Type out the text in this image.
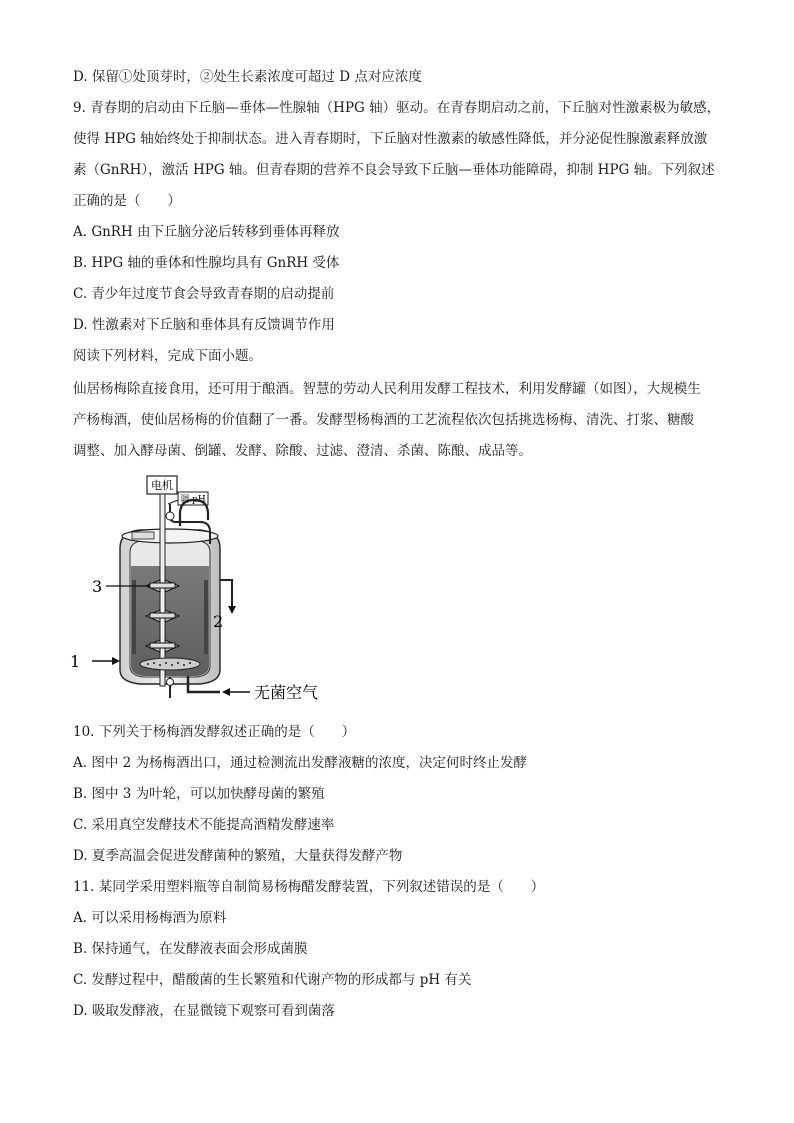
D. 保留①处顶芽时，②处生长素浓度可超过 D 点对应浓度
9. 青春期的启动由下丘脑—垂体—性腺轴（HPG 轴）驱动。在青春期启动之前，下丘脑对性激素极为敏感，
使得 HPG 轴始终处于抑制状态。进入青春期时，下丘脑对性激素的敏感性降低，并分泌促性腺激素释放激
素（GnRH），激活 HPG 轴。但青春期的营养不良会导致下丘脑—垂体功能障碍，抑制 HPG 轴。下列叙述
正确的是（　　）
A. GnRH 由下丘脑分泌后转移到垂体再释放
B. HPG 轴的垂体和性腺均具有 GnRH 受体
C. 青少年过度节食会导致青春期的启动提前
D. 性激素对下丘脑和垂体具有反馈调节作用
阅读下列材料，完成下面小题。
仙居杨梅除直接食用，还可用于酿酒。智慧的劳动人民利用发酵工程技术，利用发酵罐（如图），大规模生
产杨梅酒，使仙居杨梅的价值翻了一番。发酵型杨梅酒的工艺流程依次包括挑选杨梅、清洗、打浆、糖酸
调整、加入酵母菌、倒罐、发酵、除酸、过滤、澄清、杀菌、陈酿、成品等。
电机
调 pH
无菌空气
1
2
3
10. 下列关于杨梅酒发酵叙述正确的是（　　）
A. 图中 2 为杨梅酒出口，通过检测流出发酵液糖的浓度，决定何时终止发酵
B. 图中 3 为叶轮，可以加快酵母菌的繁殖
C. 采用真空发酵技术不能提高酒精发酵速率
D. 夏季高温会促进发酵菌种的繁殖，大量获得发酵产物
11. 某同学采用塑料瓶等自制简易杨梅醋发酵装置，下列叙述错误的是（　　）
A. 可以采用杨梅酒为原料
B. 保持通气，在发酵液表面会形成菌膜
C. 发酵过程中，醋酸菌的生长繁殖和代谢产物的形成都与 pH 有关
D. 吸取发酵液，在显微镜下观察可看到菌落
